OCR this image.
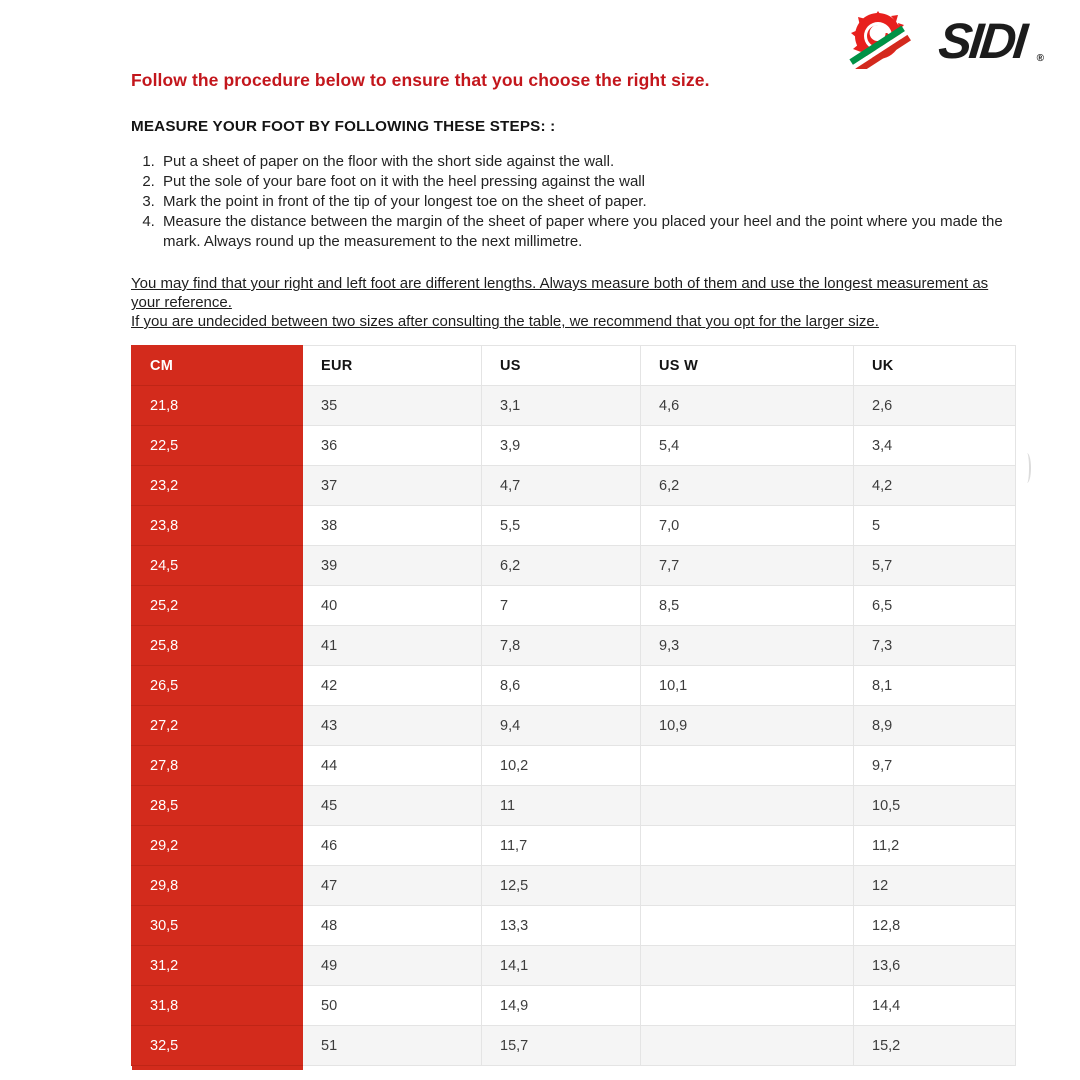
SIDI ®
Follow the procedure below to ensure that you choose the right size.
MEASURE YOUR FOOT BY FOLLOWING THESE STEPS: :
1. Put a sheet of paper on the floor with the short side against the wall.
2. Put the sole of your bare foot on it with the heel pressing against the wall
3. Mark the point in front of the tip of your longest toe on the sheet of paper.
4. Measure the distance between the margin of the sheet of paper where you placed your heel and the point where you made the mark. Always round up the measurement to the next millimetre.

You may find that your right and left foot are different lengths. Always measure both of them and use the longest measurement as your reference.

If you are undecided between two sizes after consulting the table, we recommend that you opt for the larger size.

CM	EUR	US	US W	UK
21,8	35	3,1	4,6	2,6
22,5	36	3,9	5,4	3,4
23,2	37	4,7	6,2	4,2
23,8	38	5,5	7,0	5
24,5	39	6,2	7,7	5,7
25,2	40	7	8,5	6,5
25,8	41	7,8	9,3	7,3
26,5	42	8,6	10,1	8,1
27,2	43	9,4	10,9	8,9
27,8	44	10,2		9,7
28,5	45	11		10,5
29,2	46	11,7		11,2
29,8	47	12,5		12
30,5	48	13,3		12,8
31,2	49	14,1		13,6
31,8	50	14,9		14,4
32,5	51	15,7		15,2
